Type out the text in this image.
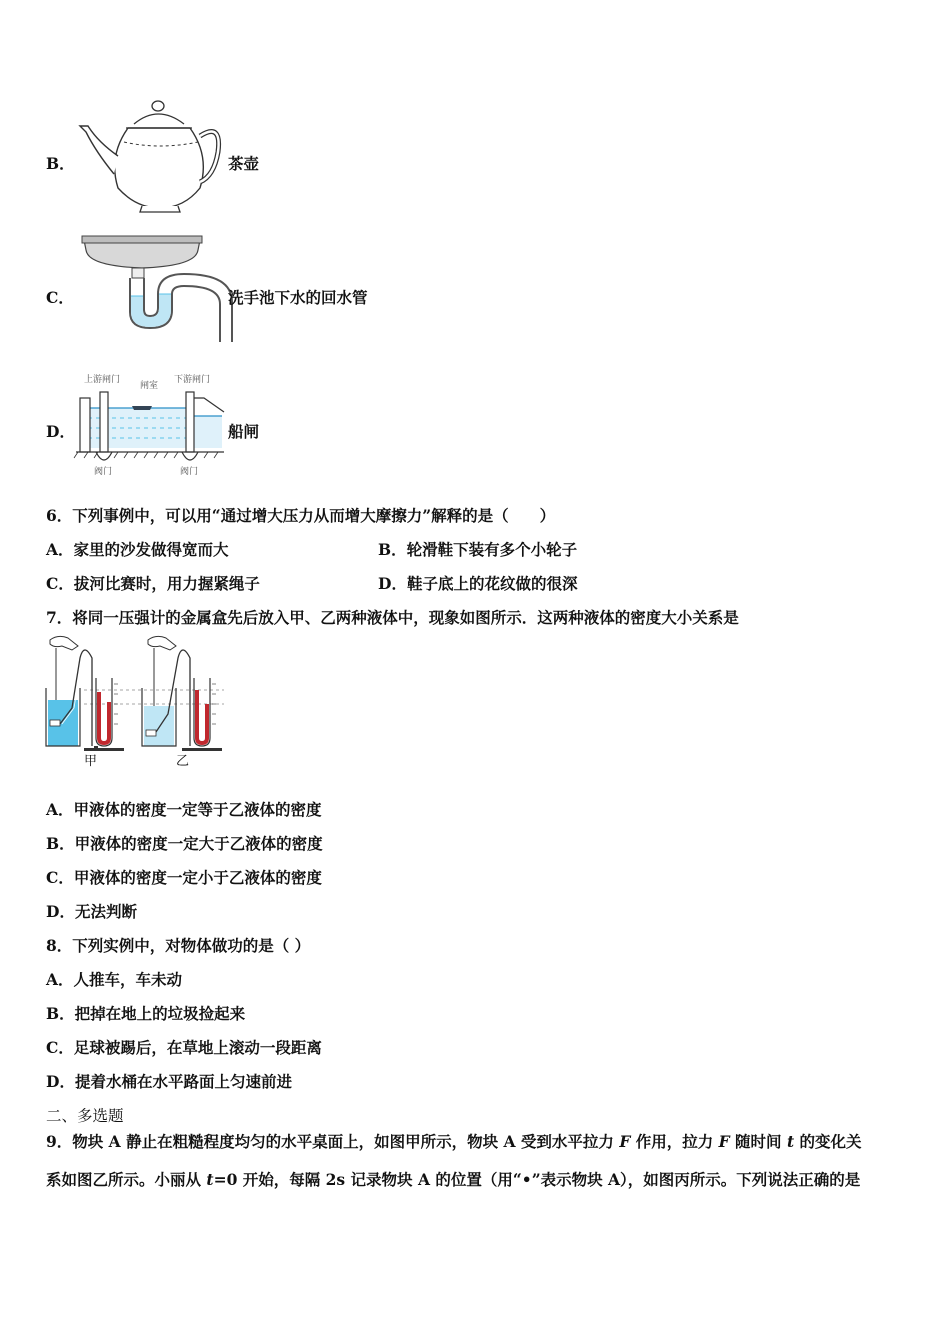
B．	茶壶
C．	洗手池下水的回水管
D．
上游闸门
闸室
下游闸门
阀门	阀门
船闸
6．下列事例中，可以用“通过增大压力从而增大摩擦力”解释的是（　　）
A．家里的沙发做得宽而大	B．轮滑鞋下装有多个小轮子
C．拔河比赛时，用力握紧绳子	D．鞋子底上的花纹做的很深
7．将同一压强计的金属盒先后放入甲、乙两种液体中，现象如图所示．这两种液体的密度大小关系是
甲	乙
A．甲液体的密度一定等于乙液体的密度
B．甲液体的密度一定大于乙液体的密度
C．甲液体的密度一定小于乙液体的密度
D．无法判断
8．下列实例中，对物体做功的是（ ）
A．人推车，车未动
B．把掉在地上的垃圾捡起来
C．足球被踢后，在草地上滚动一段距离
D．提着水桶在水平路面上匀速前进
二、多选题
9．物块 A 静止在粗糙程度均匀的水平桌面上，如图甲所示，物块 A 受到水平拉力 F 作用，拉力 F 随时间 t 的变化关
系如图乙所示。小丽从 t=0 开始，每隔 2s 记录物块 A 的位置（用“•”表示物块 A），如图丙所示。下列说法正确的是
